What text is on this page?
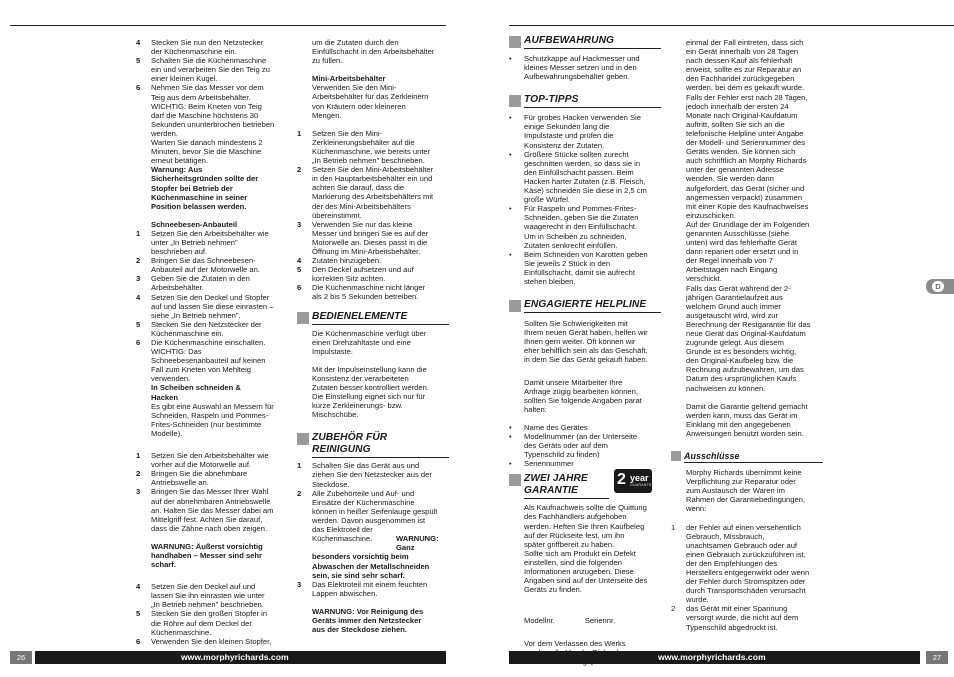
4	Stecken Sie nun den Netzstecker
der Küchenmaschine ein.
5	Schalten Sie die Küchenmaschine
ein und verarbeiten Sie den Teig zu
einer kleinen Kugel.
6	Nehmen Sie das Messer vor dem
Teig aus dem Arbeitsbehälter.
WICHTIG: Beim Kneten von Teig
darf die Maschine höchstens 30
Sekunden ununterbrochen betrieben
werden.
Warten Sie danach mindestens 2
Minuten, bevor Sie die Maschine
erneut betätigen.

Warnung: Aus
Sicherheitsgründen sollte der
Stopfer bei Betrieb der
Küchenmaschine in seiner
Position belassen werden.

Schneebesen-Anbauteil

1	Setzen Sie den Arbeitsbehälter wie
unter „In Betrieb nehmen"
beschrieben auf.
2	Bringen Sie das Schneebesen-
Anbauteil auf der Motorwelle an.
3	Geben Sie die Zutaten in den
Arbeitsbehälter.
4	Setzen Sie den Deckel und Stopfer
auf und lassen Sie diese einrasten –
siehe „In Betrieb nehmen".
5	Stecken Sie den Netzstecker der
Küchenmaschine ein.
6	Die Küchenmaschine einschalten.
WICHTIG: Das
Schneebesenanbauteil auf keinen
Fall zum Kneten von Mehlteig
verwenden.

In Scheiben schneiden &
Hacken

Es gibt eine Auswahl an Messern für
Schneiden, Raspeln und Pommes-
Frites-Schneiden (nur bestimmte
Modelle).

1	Setzen Sie den Arbeitsbehälter wie
vorher auf die Motorwelle auf.
2	Bringen Sie die abnehmbare
Antriebswelle an.
3	Bringen Sie das Messer Ihrer Wahl
auf der abnehmbaren Antriebswelle
an. Halten Sie das Messer dabei am
Mittelgriff fest. Achten Sie darauf,
dass die Zähne nach oben zeigen.

WARNUNG: Äußerst vorsichtig
handhaben – Messer sind sehr
scharf.

4	Setzen Sie den Deckel auf und
lassen Sie ihn einrasten wie unter
„In Betrieb nehmen" beschrieben.
5	Stecken Sie den großen Stopfer in
die Röhre auf dem Deckel der
Küchenmaschine.
6	Verwenden Sie den kleinen Stopfer,

um die Zutaten durch den
Einfüllschacht in den Arbeitsbehälter
zu füllen.

Mini-Arbeitsbehälter

Verwenden Sie den Mini-
Arbeitsbehälter für das Zerkleinern
von Kräutern oder kleineren
Mengen.

1	Setzen Sie den Mini-
Zerkleinerungsbehälter auf die
Küchenmaschine, wie bereits unter
„In Betrieb nehmen" beschrieben.
2	Setzen Sie den Mini-Arbeitsbehälter
in den Hauptarbeitsbehälter ein und
achten Sie darauf, dass die
Markierung des Arbeitsbehälters mit
der des Mini-Arbeitsbehälters
übereinstimmt.
3	Verwenden Sie nur das kleine
Messer und bringen Sie es auf der
Motorwelle an. Dieses passt in die
Öffnung im Mini-Arbeitsbehälter.
4	Zutaten hinzugeben.
5	Den Deckel aufsetzen und auf
korrekten Sitz achten.
6	Die Küchenmaschine nicht länger
als 2 bis 5 Sekunden betreiben.
BEDIENELEMENTE

Die Küchenmaschine verfügt über
einen Drehzahltaste und eine
Impulstaste.

Mit der Impulseinstellung kann die
Konsistenz der verarbeiteten
Zutaten besser kontrolliert werden.
Die Einstellung eignet sich nur für
kurze Zerkleinerungs- bzw.
Mischschübe.

ZUBEHÖR FÜR
REINIGUNG
1	Schalten Sie das Gerät aus und
ziehen Sie den Netzstecker aus der
Steckdose.
2	Alle Zubehörteile und Auf- und
Einsätze der Küchenmaschine
können in heißer Seifenlauge gespült
werden. Davon ausgenommen ist
das Elektroteil der
Küchenmaschine.	WARNUNG: Ganz

besonders vorsichtig beim
Abwaschen der Metallschneiden
sein, sie sind sehr scharf.

3	Das Elektroteil mit einem feuchten
Lappen abwischen.

WARNUNG: Vor Reinigung des
Geräts immer den Netzstecker
aus der Steckdose ziehen.

26	www.morphyrichards.com
AUFBEWAHRUNG
•	Schutzkappe auf Hackmesser und
kleines Messer setzen und in den
Aufbewahrungsbehälter geben.
TOP-TIPPS
•	Für grobes Hacken verwenden Sie
einige Sekunden lang die
Impulstaste und prüfen die
Konsistenz der Zutaten.
•	Größere Stücke sollten zurecht
geschnitten werden, so dass sie in
den Einfüllschacht passen. Beim
Hacken harter Zutaten (z.B. Fleisch,
Käse) schneiden Sie diese in 2,5 cm
große Würfel.
•	Für Raspeln und Pommes-Frites-
Schneiden, geben Sie die Zutaten
waagerecht in den Einfüllschacht.
Um in Scheiben zu schneiden,
Zutaten senkrecht einfüllen.
•	Beim Schneiden von Karotten geben
Sie jeweils 2 Stück in den
Einfüllschacht, damit sie aufrecht
stehen bleiben.
ENGAGIERTE HELPLINE

Sollten Sie Schwierigkeiten mit
Ihrem neuen Gerät haben, helfen wir
Ihnen gern weiter. Oft können wir
eher behilflich sein als das Geschäft,
in dem Sie das Gerät gekauft haben.

Damit unsere Mitarbeiter Ihre
Anfrage zügig bearbeiten können,
sollten Sie folgende Angaben parat
halten:

•	Name des Gerätes
•	Modellnummer (an der Unterseite
des Geräts oder auf dem
Typenschild zu finden)
•	Seriennummer
ZWEI JAHRE
GARANTIE

Als Kaufnachweis sollte die Quittung
des Fachhändlers aufgehoben
werden. Heften Sie Ihren Kaufbeleg
auf der Rückseite fest, um ihn
später griffbereit zu haben.
Sollte sich am Produkt ein Defekt
einstellen, sind die folgenden
Informationen anzugeben. Diese
Angaben sind auf der Unterseite des
Geräts zu finden.

Modellnr.	Seriennr.

Vor dem Verlassen des Werks

2 year
GUARANTEE

einmal der Fall eintreten, dass sich
ein Gerät innerhalb von 28 Tagen
nach dessen Kauf als fehlerhaft
erweist, sollte es zur Reparatur an
den Fachhandel zurückgegeben
werden, bei dem es gekauft wurde.
Falls der Fehler erst nach 28 Tagen,
jedoch innerhalb der ersten 24
Monate nach Original-Kaufdatum
auftritt, sollten Sie sich an die
telefonische Helpline unter Angabe
der Modell- und Seriennummer des
Geräts wenden. Sie können sich
auch schriftlich an Morphy Richards
unter der genannten Adresse
wenden. Sie werden dann
aufgefordert, das Gerät (sicher und
angemessen verpackt) zusammen
mit einer Kopie des Kaufnachweises
einzuschicken.
Auf der Grundlage der im Folgenden
genannten Ausschlüsse (siehe
unten) wird das fehlerhafte Gerät
dann repariert oder ersetzt und in
der Regel innerhalb von 7
Arbeitstagen nach Eingang
verschickt.
Falls das Gerät während der 2-
jährigen Garantielaufzeit aus
welchem Grund auch immer
ausgetauscht wird, wird zur
Berechnung der Restgarantie für das
neue Gerät das Original-Kaufdatum
zugrunde gelegt. Aus diesem
Grunde ist es besonders wichtig,
den Original-Kaufbeleg bzw. die
Rechnung aufzubewahren, um das
Datum des ursprünglichen Kaufs
nachweisen zu können.

Damit die Garantie geltend gemacht
werden kann, muss das Gerät im
Einklang mit den angegebenen
Anweisungen benutzt worden sein.

Ausschlüsse

Morphy Richards übernimmt keine
Verpflichtung zur Reparatur oder
zum Austausch der Waren im
Rahmen der Garantiebedingungen,
wenn:

1	der Fehler auf einen versehentlich
Gebrauch, Missbrauch,
unachtsamen Gebrauch oder auf
einen Gebrauch zurückzuführen ist,
der den Empfehlungen des
Herstellers entgegenwirkt oder wenn
der Fehler durch Stromspitzen oder
durch Transportschäden verursacht
wurde.
2	das Gerät mit einer Spannung
versorgt wurde, die nicht auf dem
Typenschild abgedruckt ist.
D
www.morphyrichards.com	27
